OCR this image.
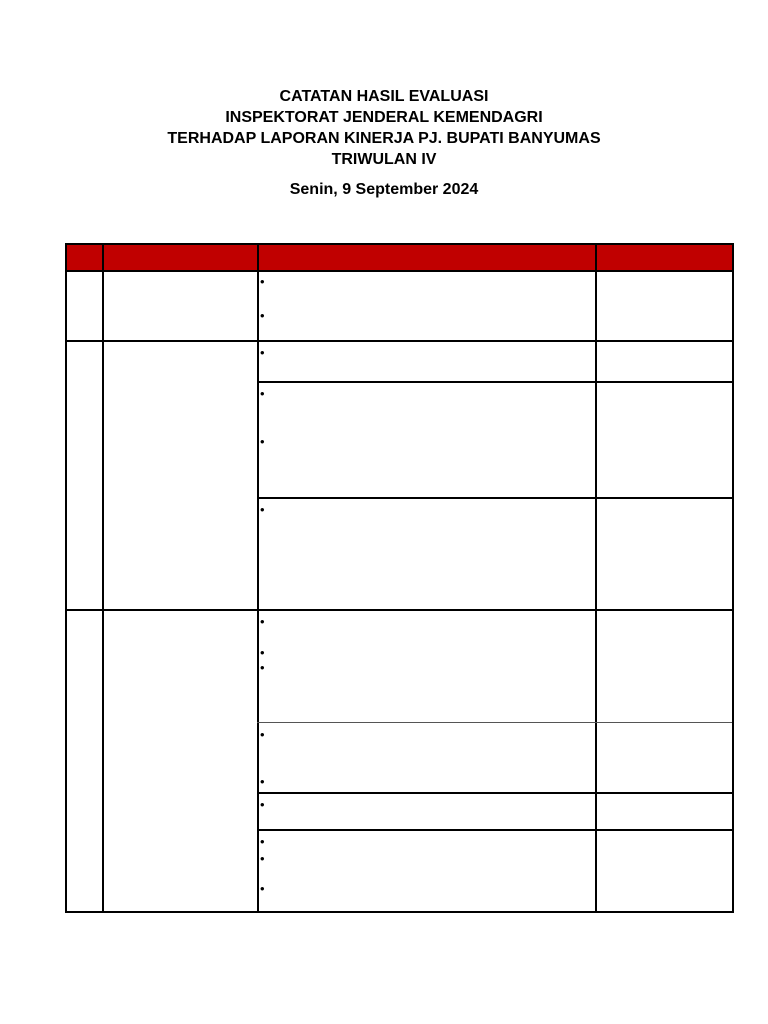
CATATAN HASIL EVALUASI
INSPEKTORAT JENDERAL KEMENDAGRI
TERHADAP LAPORAN KINERJA PJ. BUPATI BANYUMAS
TRIWULAN IV
Senin, 9 September 2024
•
•
•
•
•
•
•
•
•
•
•
•
•
•
•
